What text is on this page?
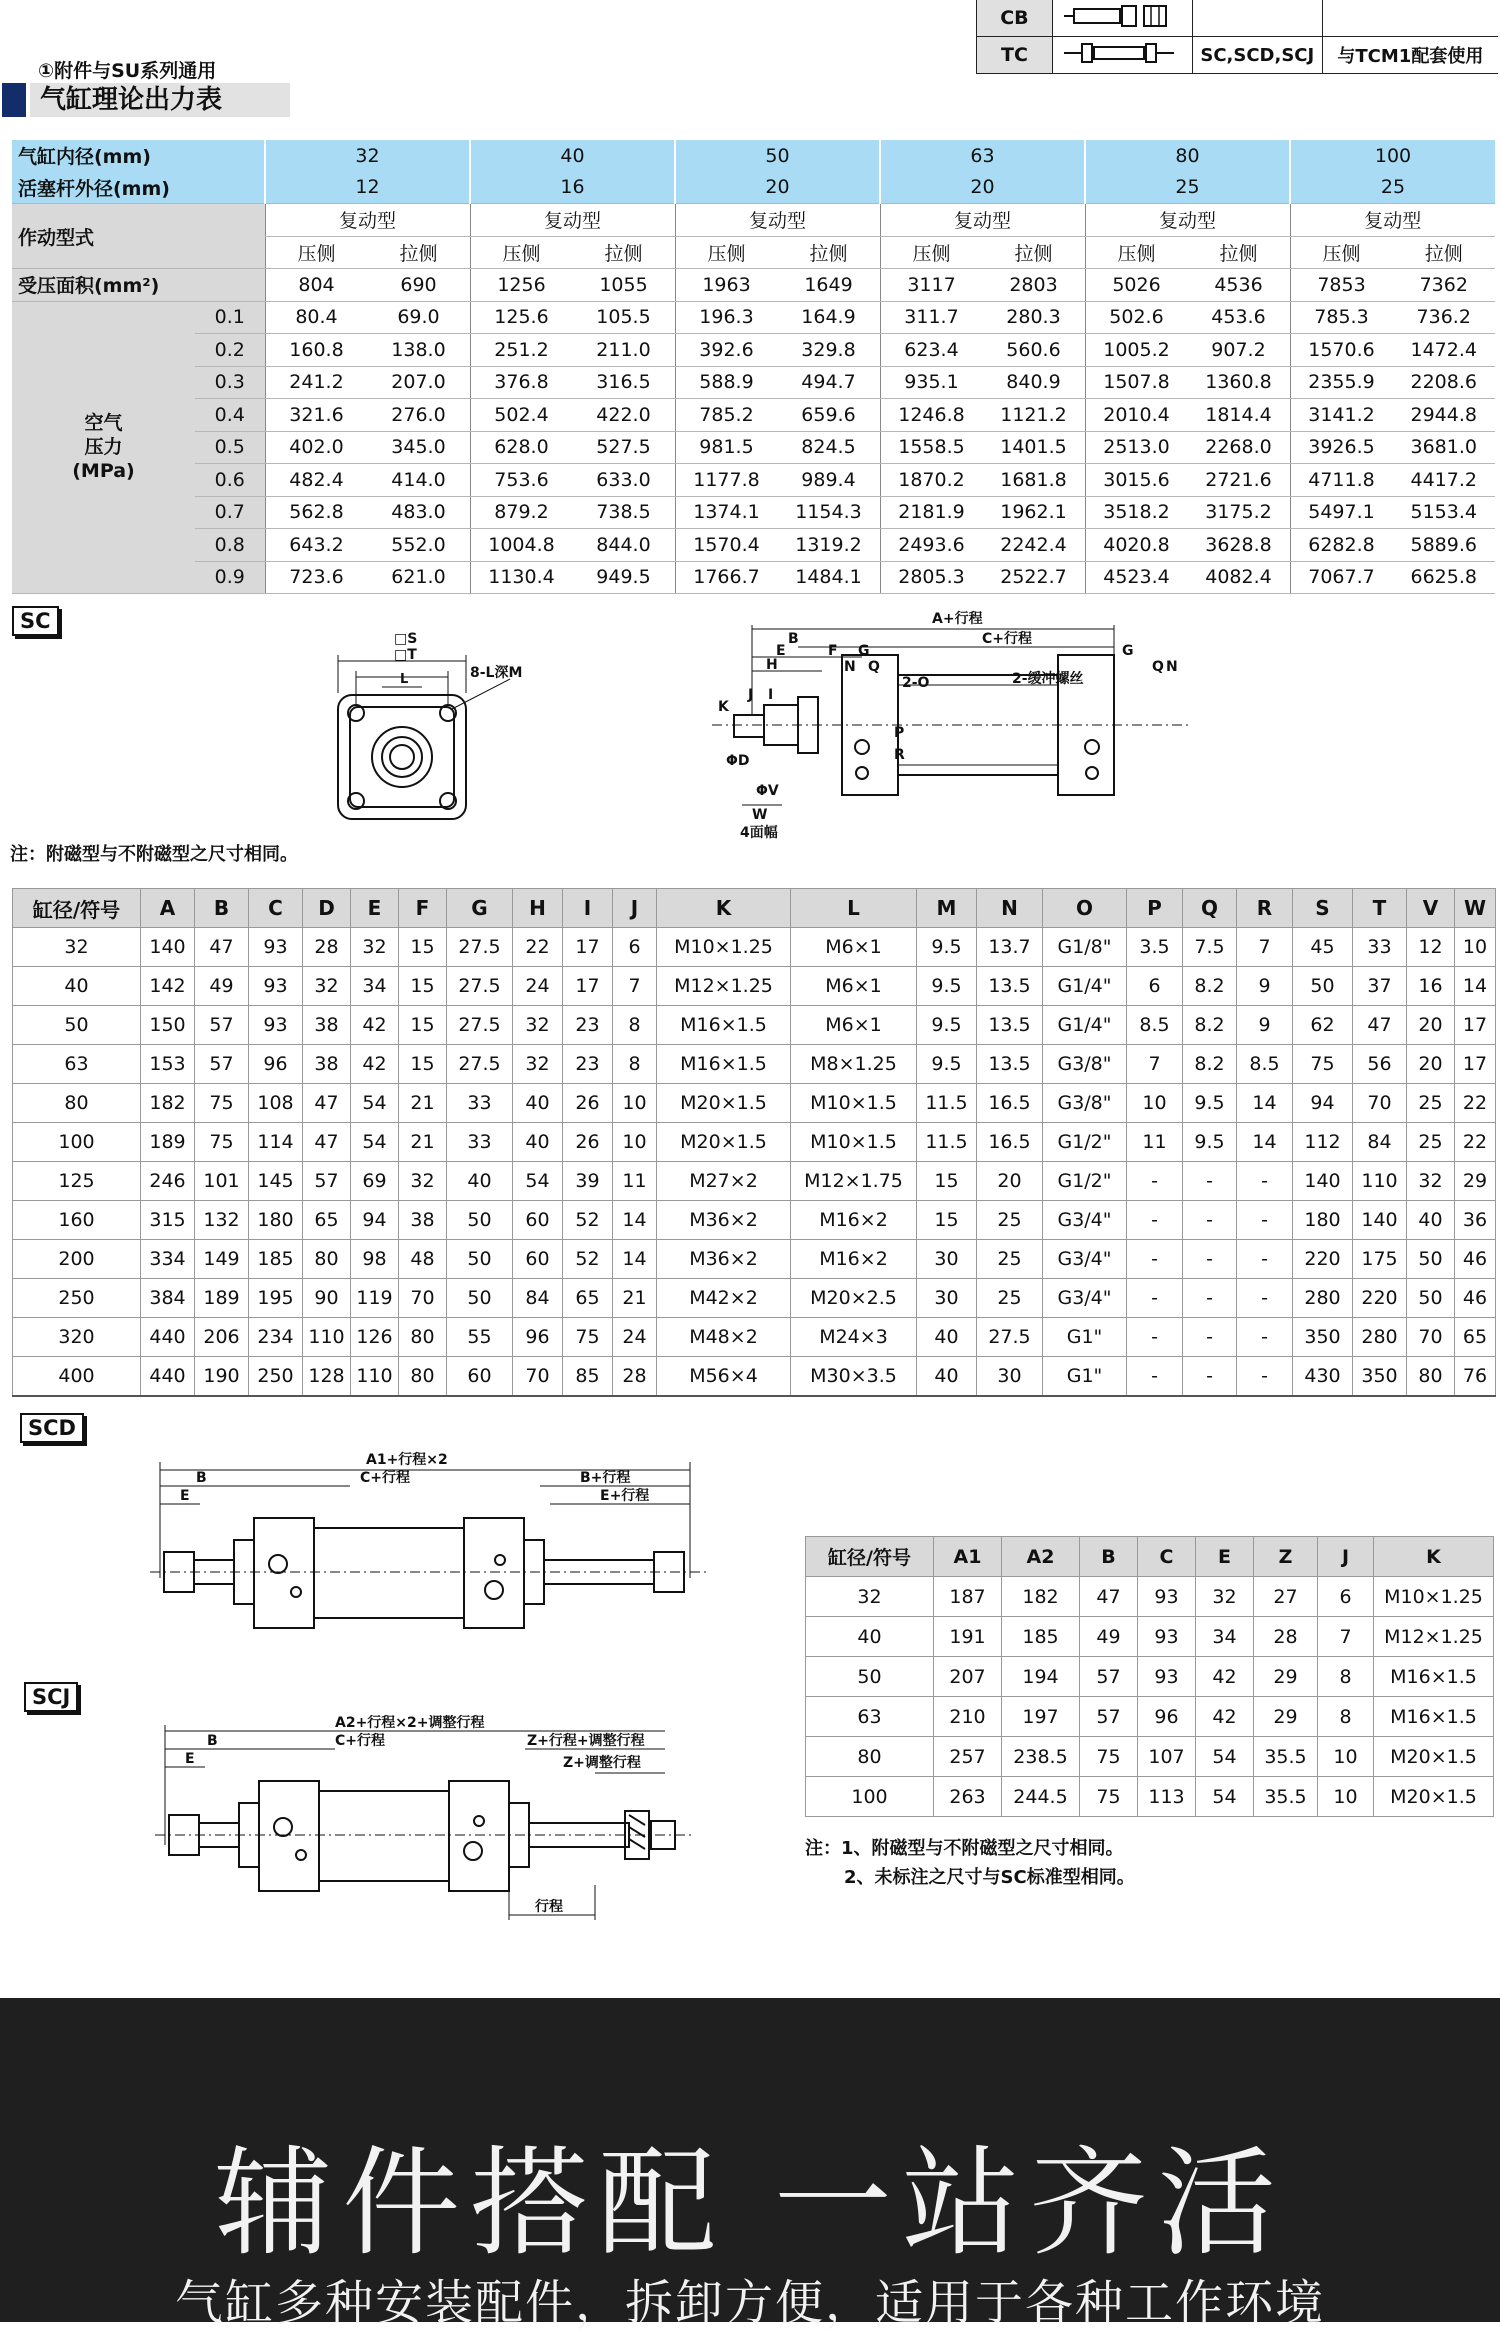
CB			
TC		SC,SCD,SCJ	与TCM1配套使用
①附件与SU系列通用
气缸理论出力表
气缸内径(mm)		32		40		50		63		80		100	
活塞杆外径(mm)		12		16		20		20		25		25	
作动型式		复动型		复动型		复动型		复动型		复动型		复动型	
		压侧	拉侧	压侧	拉侧	压侧	拉侧	压侧	拉侧	压侧	拉侧	压侧	拉侧
受压面积(mm²)		804	690	1256	1055	1963	1649	3117	2803	5026	4536	7853	7362

空气
压力
(MPa)	0.1	80.4	69.0	125.6	105.5	196.3	164.9	311.7	280.3	502.6	453.6	785.3	736.2
	0.2	160.8	138.0	251.2	211.0	392.6	329.8	623.4	560.6	1005.2	907.2	1570.6	1472.4
	0.3	241.2	207.0	376.8	316.5	588.9	494.7	935.1	840.9	1507.8	1360.8	2355.9	2208.6
	0.4	321.6	276.0	502.4	422.0	785.2	659.6	1246.8	1121.2	2010.4	1814.4	3141.2	2944.8
	0.5	402.0	345.0	628.0	527.5	981.5	824.5	1558.5	1401.5	2513.0	2268.0	3926.5	3681.0
	0.6	482.4	414.0	753.6	633.0	1177.8	989.4	1870.2	1681.8	3015.6	2721.6	4711.8	4417.2
	0.7	562.8	483.0	879.2	738.5	1374.1	1154.3	2181.9	1962.1	3518.2	3175.2	5497.1	5153.4
	0.8	643.2	552.0	1004.8	844.0	1570.4	1319.2	2493.6	2242.4	4020.8	3628.8	6282.8	5889.6
	0.9	723.6	621.0	1130.4	949.5	1766.7	1484.1	2805.3	2522.7	4523.4	4082.4	7067.7	6625.8
SC
□S
□T
L	8-L深M
A+行程
B	C+行程
E	F G
H	N Q
2-O	2-缓冲螺丝
K
I
J
ΦD
ΦV
W
4面幅
R
P
G
Q N
注：附磁型与不附磁型之尺寸相同。
缸径/符号	A	B	C	D	E	F	G	H	I	J	K	L	M	N	O	P	Q	R	S	T	V	W
32	140	47	93	28	32	15	27.5	22	17	6	M10×1.25	M6×1	9.5	13.7	G1/8"	3.5	7.5	7	45	33	12	10
40	142	49	93	32	34	15	27.5	24	17	7	M12×1.25	M6×1	9.5	13.5	G1/4"	6	8.2	9	50	37	16	14
50	150	57	93	38	42	15	27.5	32	23	8	M16×1.5	M6×1	9.5	13.5	G1/4"	8.5	8.2	9	62	47	20	17
63	153	57	96	38	42	15	27.5	32	23	8	M16×1.5	M8×1.25	9.5	13.5	G3/8"	7	8.2	8.5	75	56	20	17
80	182	75	108	47	54	21	33	40	26	10	M20×1.5	M10×1.5	11.5	16.5	G3/8"	10	9.5	14	94	70	25	22
100	189	75	114	47	54	21	33	40	26	10	M20×1.5	M10×1.5	11.5	16.5	G1/2"	11	9.5	14	112	84	25	22
125	246	101	145	57	69	32	40	54	39	11	M27×2	M12×1.75	15	20	G1/2"	-	-	-	140	110	32	29
160	315	132	180	65	94	38	50	60	52	14	M36×2	M16×2	15	25	G3/4"	-	-	-	180	140	40	36
200	334	149	185	80	98	48	50	60	52	14	M36×2	M16×2	30	25	G3/4"	-	-	-	220	175	50	46
250	384	189	195	90	119	70	50	84	65	21	M42×2	M20×2.5	30	25	G3/4"	-	-	-	280	220	50	46
320	440	206	234	110	126	80	55	96	75	24	M48×2	M24×3	40	27.5	G1"	-	-	-	350	280	70	65
400	440	190	250	128	110	80	60	70	85	28	M56×4	M30×3.5	40	30	G1"	-	-	-	430	350	80	76
SCD
A1+行程×2
B	C+行程
E
B+行程
E+行程
缸径/符号	A1	A2	B	C	E	Z	J	K
32	187	182	47	93	32	27	6	M10×1.25
40	191	185	49	93	34	28	7	M12×1.25
50	207	194	57	93	42	29	8	M16×1.5
63	210	197	57	96	42	29	8	M16×1.5
80	257	238.5	75	107	54	35.5	10	M20×1.5
100	263	244.5	75	113	54	35.5	10	M20×1.5
注：1、附磁型与不附磁型之尺寸相同。
2、未标注之尺寸与SC标准型相同。
SCJ
A2+行程×2+调整行程
B	C+行程
E
Z+行程+调整行程
Z+调整行程
行程
辅件搭配 一站齐活
气缸多种安装配件，拆卸方便，适用于各种工作环境
